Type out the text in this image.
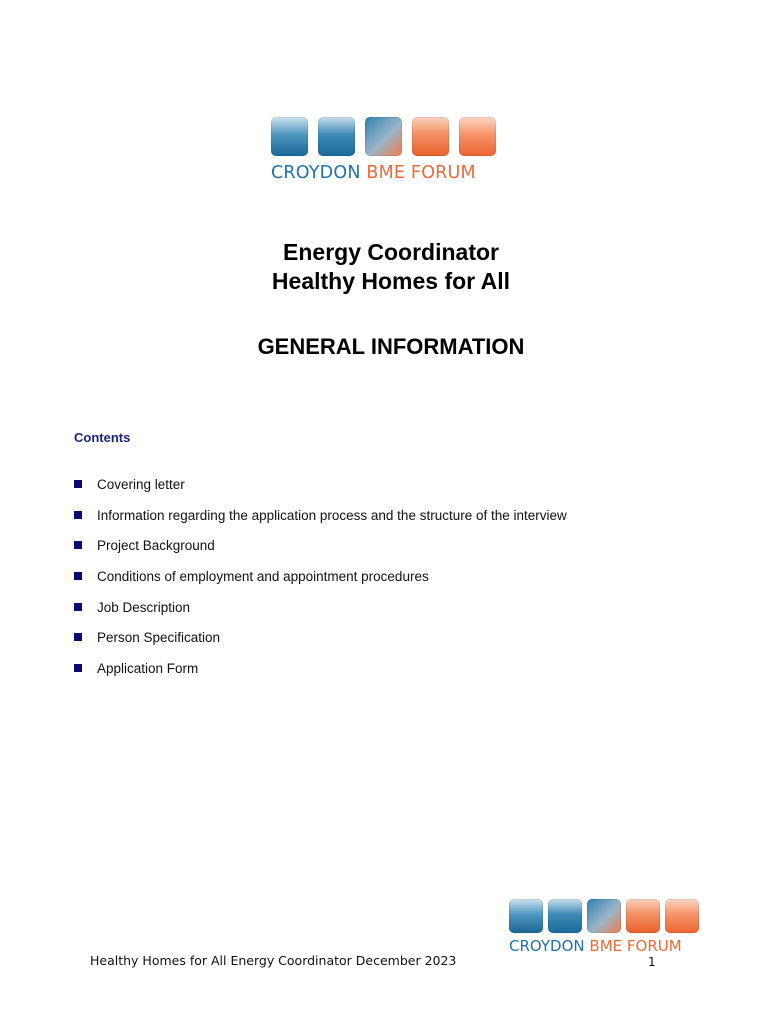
CROYDON BME FORUM
Energy Coordinator
Healthy Homes for All
GENERAL INFORMATION
Contents
Covering letter
Information regarding the application process and the structure of the interview
Project Background
Conditions of employment and appointment procedures
Job Description
Person Specification
Application Form
CROYDON BME FORUM
Healthy Homes for All Energy Coordinator December 2023	1
